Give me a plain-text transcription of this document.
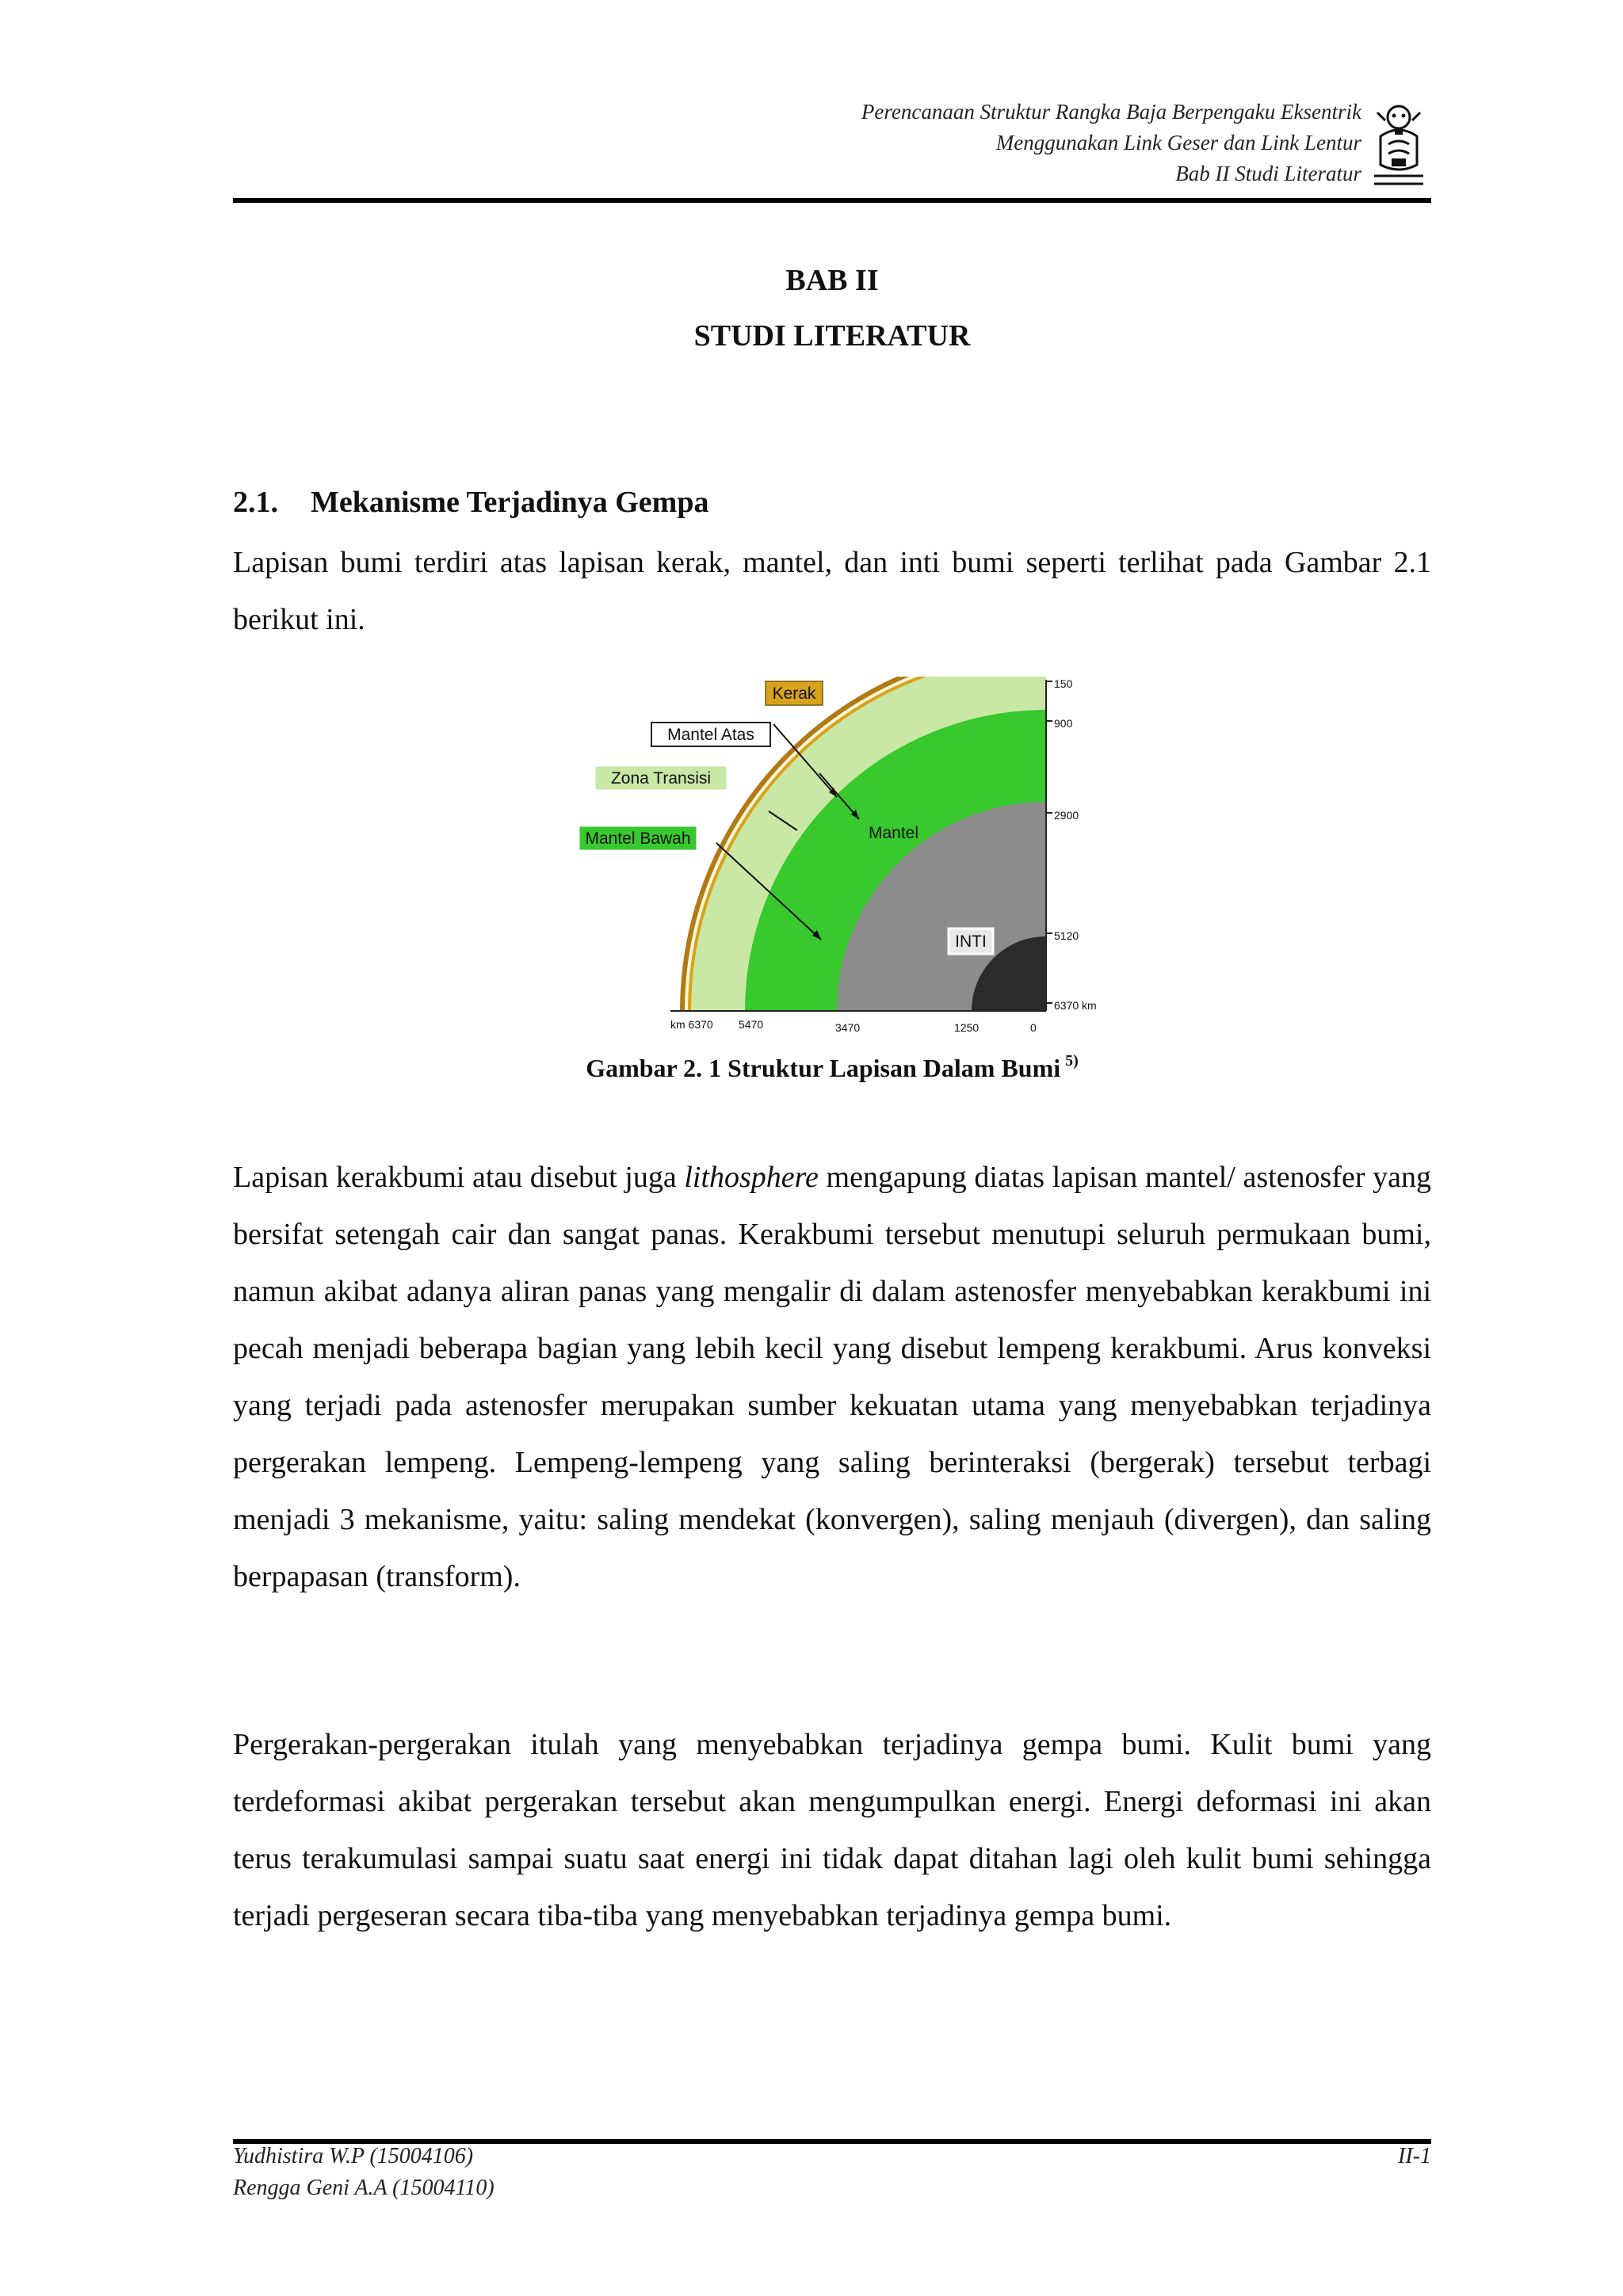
Perencanaan Struktur Rangka Baja Berpengaku Eksentrik
Menggunakan Link Geser dan Link Lentur
Bab II Studi Literatur
BAB II
STUDI LITERATUR
2.1. Mekanisme Terjadinya Gempa
Lapisan bumi terdiri atas lapisan kerak, mantel, dan inti bumi seperti terlihat pada Gambar 2.1 berikut ini.
150
900
2900
5120
6370 km
km 6370 5470	3470	1250	0
Kerak
Mantel Atas
Zona Transisi
Mantel Bawah	Mantel
INTI
Gambar 2. 1 Struktur Lapisan Dalam Bumi $^{5)}$
Lapisan kerakbumi atau disebut juga lithosphere mengapung diatas lapisan mantel/ astenosfer yang bersifat setengah cair dan sangat panas. Kerakbumi tersebut menutupi seluruh permukaan bumi, namun akibat adanya aliran panas yang mengalir di dalam astenosfer menyebabkan kerakbumi ini pecah menjadi beberapa bagian yang lebih kecil yang disebut lempeng kerakbumi. Arus konveksi yang terjadi pada astenosfer merupakan sumber kekuatan utama yang menyebabkan terjadinya pergerakan lempeng. Lempeng-lempeng yang saling berinteraksi (bergerak) tersebut terbagi menjadi 3 mekanisme, yaitu: saling mendekat (konvergen), saling menjauh (divergen), dan saling berpapasan (transform).
Pergerakan-pergerakan itulah yang menyebabkan terjadinya gempa bumi. Kulit bumi yang terdeformasi akibat pergerakan tersebut akan mengumpulkan energi. Energi deformasi ini akan terus terakumulasi sampai suatu saat energi ini tidak dapat ditahan lagi oleh kulit bumi sehingga terjadi pergeseran secara tiba-tiba yang menyebabkan terjadinya gempa bumi.
Yudhistira W.P (15004106)
Rengga Geni A.A (15004110)
II-1
